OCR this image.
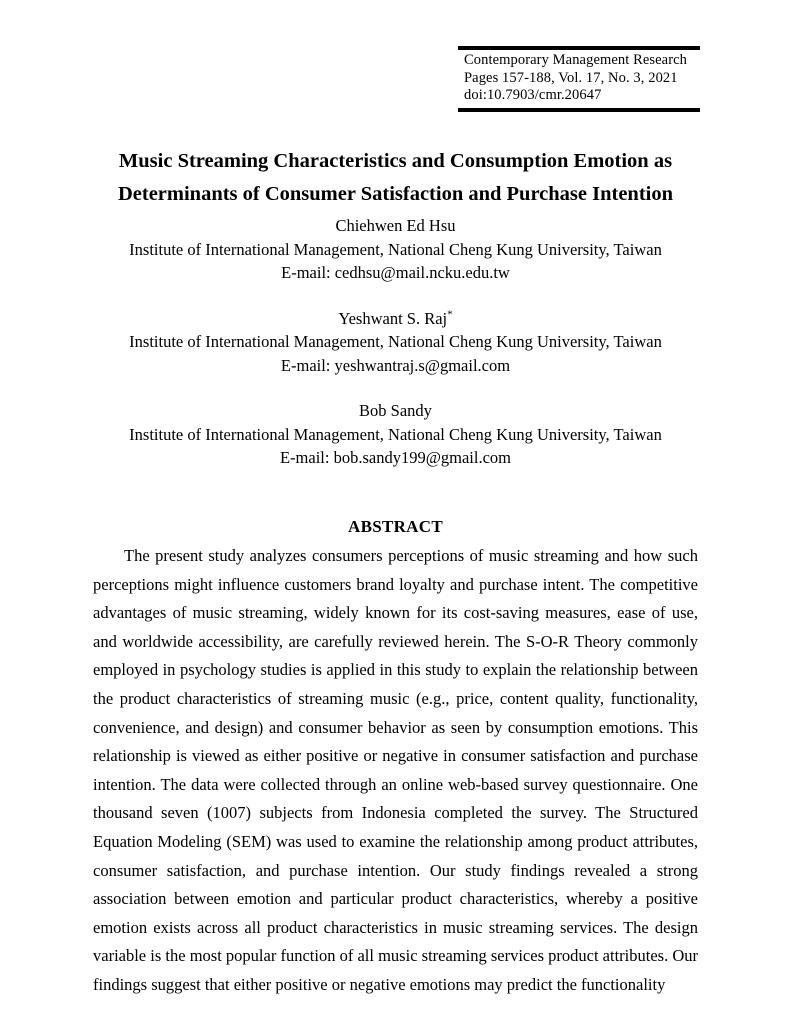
Contemporary Management Research
Pages 157-188, Vol. 17, No. 3, 2021
doi:10.7903/cmr.20647
Music Streaming Characteristics and Consumption Emotion as Determinants of Consumer Satisfaction and Purchase Intention
Chiehwen Ed Hsu
Institute of International Management, National Cheng Kung University, Taiwan
E-mail: cedhsu@mail.ncku.edu.tw
Yeshwant S. Raj*
Institute of International Management, National Cheng Kung University, Taiwan
E-mail: yeshwantraj.s@gmail.com
Bob Sandy
Institute of International Management, National Cheng Kung University, Taiwan
E-mail: bob.sandy199@gmail.com
ABSTRACT
The present study analyzes consumers perceptions of music streaming and how such perceptions might influence customers brand loyalty and purchase intent. The competitive advantages of music streaming, widely known for its cost-saving measures, ease of use, and worldwide accessibility, are carefully reviewed herein. The S-O-R Theory commonly employed in psychology studies is applied in this study to explain the relationship between the product characteristics of streaming music (e.g., price, content quality, functionality, convenience, and design) and consumer behavior as seen by consumption emotions. This relationship is viewed as either positive or negative in consumer satisfaction and purchase intention. The data were collected through an online web-based survey questionnaire. One thousand seven (1007) subjects from Indonesia completed the survey. The Structured Equation Modeling (SEM) was used to examine the relationship among product attributes, consumer satisfaction, and purchase intention. Our study findings revealed a strong association between emotion and particular product characteristics, whereby a positive emotion exists across all product characteristics in music streaming services. The design variable is the most popular function of all music streaming services product attributes. Our findings suggest that either positive or negative emotions may predict the functionality
